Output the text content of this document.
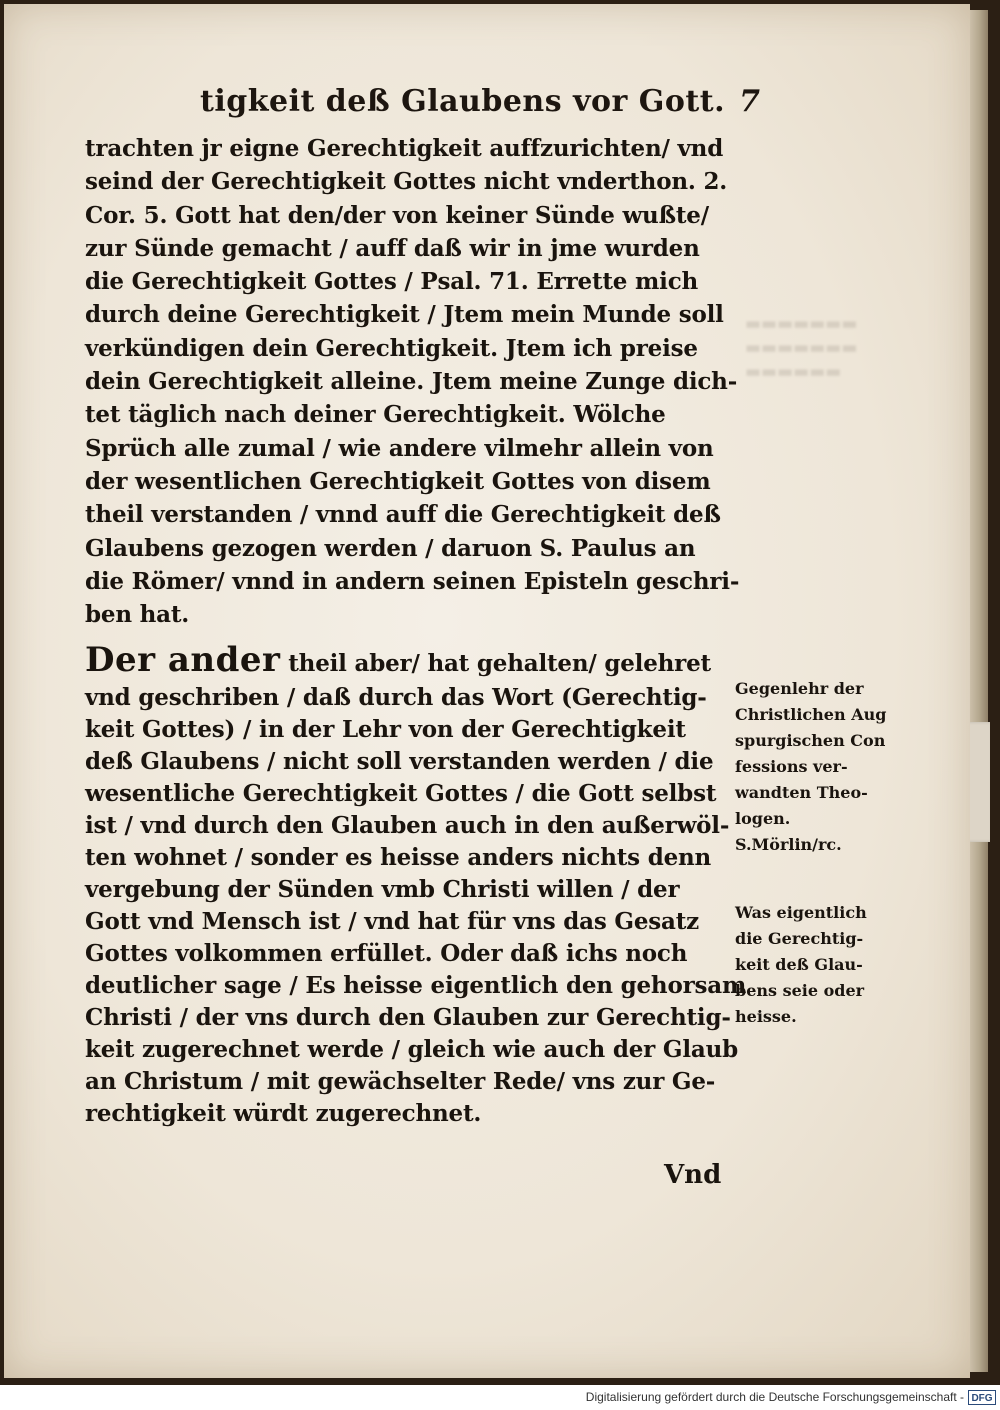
▬▬▬▬▬▬▬
▬▬▬▬▬▬▬
▬▬▬▬▬▬
tigkeit deß Glaubens vor Gott. 7
trachten jr eigne Gerechtigkeit auffzurichten/ vnd
seind der Gerechtigkeit Gottes nicht vnderthon. 2.
Cor. 5. Gott hat den/der von keiner Sünde wußte/
zur Sünde gemacht / auff daß wir in jme wurden
die Gerechtigkeit Gottes / Psal. 71. Errette mich
durch deine Gerechtigkeit / Jtem mein Munde soll
verkündigen dein Gerechtigkeit. Jtem ich preise
dein Gerechtigkeit alleine. Jtem meine Zunge dich-
tet täglich nach deiner Gerechtigkeit. Wölche
Sprüch alle zumal / wie andere vilmehr allein von
der wesentlichen Gerechtigkeit Gottes von disem
theil verstanden / vnnd auff die Gerechtigkeit deß
Glaubens gezogen werden / daruon S. Paulus an
die Römer/ vnnd in andern seinen Episteln geschri-
ben hat.
Der ander theil aber/ hat gehalten/ gelehret
vnd geschriben / daß durch das Wort (Gerechtig-
keit Gottes) / in der Lehr von der Gerechtigkeit
deß Glaubens / nicht soll verstanden werden / die
wesentliche Gerechtigkeit Gottes / die Gott selbst
ist / vnd durch den Glauben auch in den außerwöl-
ten wohnet / sonder es heisse anders nichts denn
vergebung der Sünden vmb Christi willen / der
Gott vnd Mensch ist / vnd hat für vns das Gesatz
Gottes volkommen erfüllet. Oder daß ichs noch
deutlicher sage / Es heisse eigentlich den gehorsam
Christi / der vns durch den Glauben zur Gerechtig-
keit zugerechnet werde / gleich wie auch der Glaub
an Christum / mit gewächselter Rede/ vns zur Ge-
rechtigkeit würdt zugerechnet.
Gegenlehr der
Christlichen Aug
spurgischen Con
fessions ver-
wandten Theo-
logen.
S.Mörlin/rc.
Was eigentlich
die Gerechtig-
keit deß Glau-
bens seie oder
heisse.
Vnd
Digitalisierung gefördert durch die Deutsche Forschungsgemeinschaft - DFG
